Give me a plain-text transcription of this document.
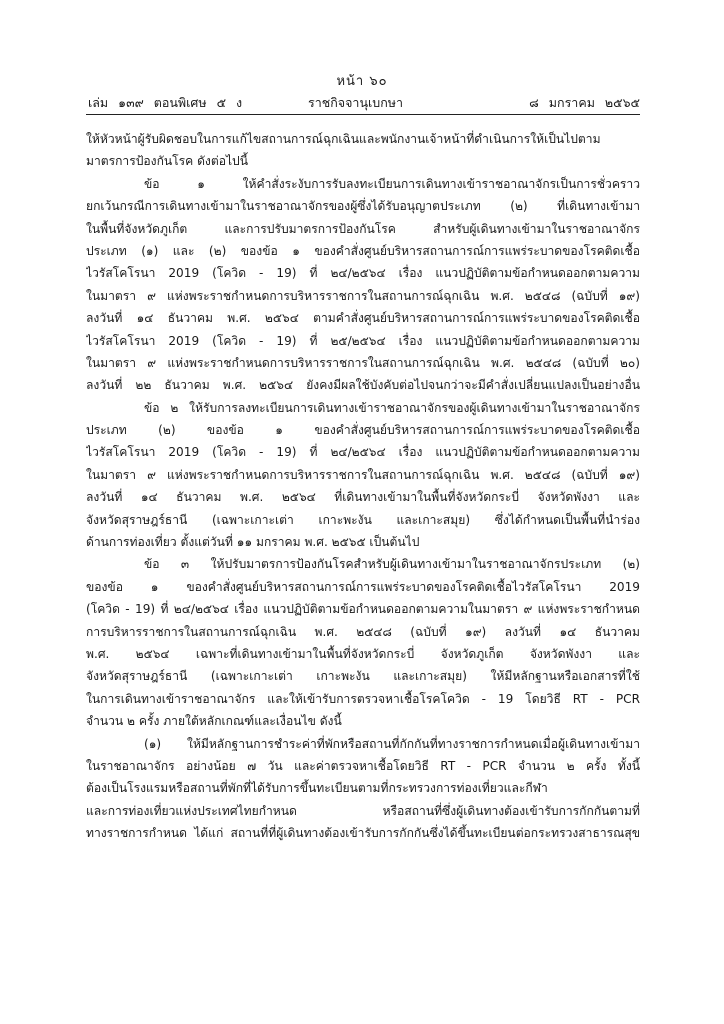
หน้า ๖๐
เล่ม ๑๓๙ ตอนพิเศษ ๕ ง	ราชกิจจานุเบกษา	๘ มกราคม ๒๕๖๕
ให้หัวหน้าผู้รับผิดชอบในการแก้ไขสถานการณ์ฉุกเฉินและพนักงานเจ้าหน้าที่ดำเนินการให้เป็นไปตาม
มาตรการป้องกันโรค ดังต่อไปนี้
ข้อ ๑ ให้คำสั่งระงับการรับลงทะเบียนการเดินทางเข้าราชอาณาจักรเป็นการชั่วคราว
ยกเว้นกรณีการเดินทางเข้ามาในราชอาณาจักรของผู้ซึ่งได้รับอนุญาตประเภท (๒) ที่เดินทางเข้ามา
ในพื้นที่จังหวัดภูเก็ต และการปรับมาตรการป้องกันโรค สำหรับผู้เดินทางเข้ามาในราชอาณาจักร
ประเภท (๑) และ (๒) ของข้อ ๑ ของคำสั่งศูนย์บริหารสถานการณ์การแพร่ระบาดของโรคติดเชื้อ
ไวรัสโคโรนา 2019 (โควิด - 19) ที่ ๒๔/๒๕๖๔ เรื่อง แนวปฏิบัติตามข้อกำหนดออกตามความ
ในมาตรา ๙ แห่งพระราชกำหนดการบริหารราชการในสถานการณ์ฉุกเฉิน พ.ศ. ๒๕๔๘ (ฉบับที่ ๑๙)
ลงวันที่ ๑๔ ธันวาคม พ.ศ. ๒๕๖๔ ตามคำสั่งศูนย์บริหารสถานการณ์การแพร่ระบาดของโรคติดเชื้อ
ไวรัสโคโรนา 2019 (โควิด - 19) ที่ ๒๕/๒๕๖๔ เรื่อง แนวปฏิบัติตามข้อกำหนดออกตามความ
ในมาตรา ๙ แห่งพระราชกำหนดการบริหารราชการในสถานการณ์ฉุกเฉิน พ.ศ. ๒๕๔๘ (ฉบับที่ ๒๐)
ลงวันที่ ๒๒ ธันวาคม พ.ศ. ๒๕๖๔ ยังคงมีผลใช้บังคับต่อไปจนกว่าจะมีคำสั่งเปลี่ยนแปลงเป็นอย่างอื่น
ข้อ ๒ ให้รับการลงทะเบียนการเดินทางเข้าราชอาณาจักรของผู้เดินทางเข้ามาในราชอาณาจักร
ประเภท (๒) ของข้อ ๑ ของคำสั่งศูนย์บริหารสถานการณ์การแพร่ระบาดของโรคติดเชื้อ
ไวรัสโคโรนา 2019 (โควิด - 19) ที่ ๒๔/๒๕๖๔ เรื่อง แนวปฏิบัติตามข้อกำหนดออกตามความ
ในมาตรา ๙ แห่งพระราชกำหนดการบริหารราชการในสถานการณ์ฉุกเฉิน พ.ศ. ๒๕๔๘ (ฉบับที่ ๑๙)
ลงวันที่ ๑๔ ธันวาคม พ.ศ. ๒๕๖๔ ที่เดินทางเข้ามาในพื้นที่จังหวัดกระบี่ จังหวัดพังงา และ
จังหวัดสุราษฎร์ธานี (เฉพาะเกาะเต่า เกาะพะงัน และเกาะสมุย) ซึ่งได้กำหนดเป็นพื้นที่นำร่อง
ด้านการท่องเที่ยว ตั้งแต่วันที่ ๑๑ มกราคม พ.ศ. ๒๕๖๕ เป็นต้นไป
ข้อ ๓ ให้ปรับมาตรการป้องกันโรคสำหรับผู้เดินทางเข้ามาในราชอาณาจักรประเภท (๒)
ของข้อ ๑ ของคำสั่งศูนย์บริหารสถานการณ์การแพร่ระบาดของโรคติดเชื้อไวรัสโคโรนา 2019
(โควิด - 19) ที่ ๒๔/๒๕๖๔ เรื่อง แนวปฏิบัติตามข้อกำหนดออกตามความในมาตรา ๙ แห่งพระราชกำหนด
การบริหารราชการในสถานการณ์ฉุกเฉิน พ.ศ. ๒๕๔๘ (ฉบับที่ ๑๙) ลงวันที่ ๑๔ ธันวาคม
พ.ศ. ๒๕๖๔ เฉพาะที่เดินทางเข้ามาในพื้นที่จังหวัดกระบี่ จังหวัดภูเก็ต จังหวัดพังงา และ
จังหวัดสุราษฎร์ธานี (เฉพาะเกาะเต่า เกาะพะงัน และเกาะสมุย) ให้มีหลักฐานหรือเอกสารที่ใช้
ในการเดินทางเข้าราชอาณาจักร และให้เข้ารับการตรวจหาเชื้อโรคโควิด - 19 โดยวิธี RT - PCR
จำนวน ๒ ครั้ง ภายใต้หลักเกณฑ์และเงื่อนไข ดังนี้
(๑) ให้มีหลักฐานการชำระค่าที่พักหรือสถานที่กักกันที่ทางราชการกำหนดเมื่อผู้เดินทางเข้ามา
ในราชอาณาจักร อย่างน้อย ๗ วัน และค่าตรวจหาเชื้อโดยวิธี RT - PCR จำนวน ๒ ครั้ง ทั้งนี้
ต้องเป็นโรงแรมหรือสถานที่พักที่ได้รับการขึ้นทะเบียนตามที่กระทรวงการท่องเที่ยวและกีฬา
และการท่องเที่ยวแห่งประเทศไทยกำหนด หรือสถานที่ซึ่งผู้เดินทางต้องเข้ารับการกักกันตามที่
ทางราชการกำหนด ได้แก่ สถานที่ที่ผู้เดินทางต้องเข้ารับการกักกันซึ่งได้ขึ้นทะเบียนต่อกระทรวงสาธารณสุข
